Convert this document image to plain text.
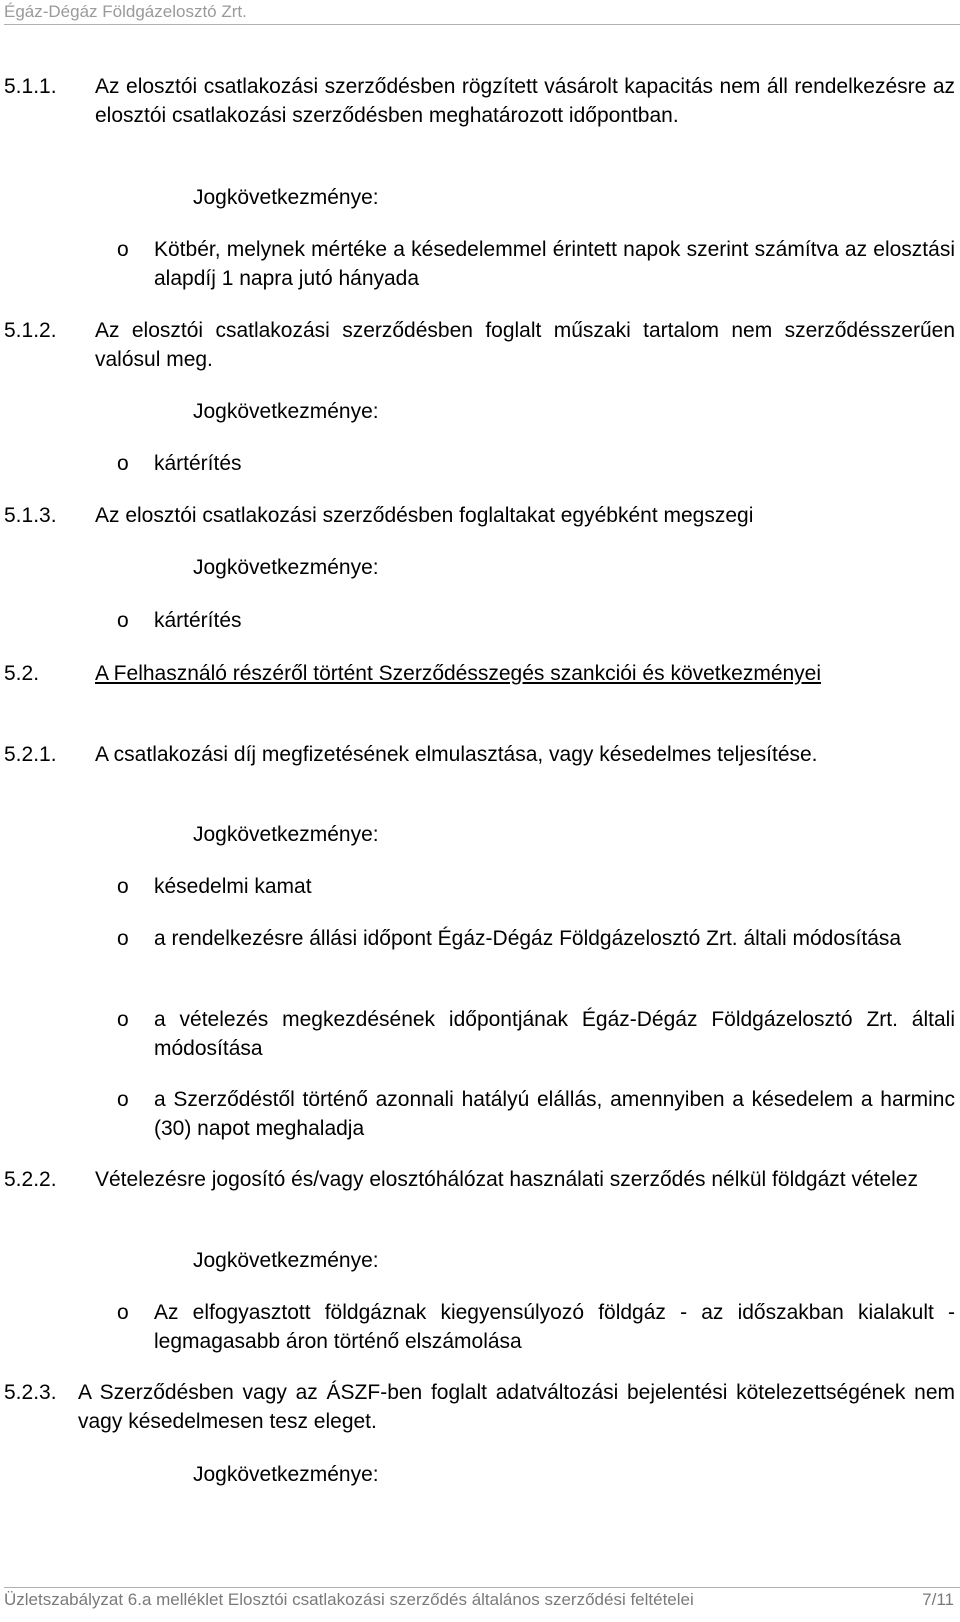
Égáz-Dégáz Földgázelosztó Zrt.
5.1.1. Az elosztói csatlakozási szerződésben rögzített vásárolt kapacitás nem áll rendelkezésre az elosztói csatlakozási szerződésben meghatározott időpontban.
Jogkövetkezménye:
o Kötbér, melynek mértéke a késedelemmel érintett napok szerint számítva az elosztási alapdíj 1 napra jutó hányada
5.1.2. Az elosztói csatlakozási szerződésben foglalt műszaki tartalom nem szerződésszerűen valósul meg.
Jogkövetkezménye:
o kártérítés
5.1.3. Az elosztói csatlakozási szerződésben foglaltakat egyébként megszegi
Jogkövetkezménye:
o kártérítés
5.2.	A Felhasználó részéről történt Szerződésszegés szankciói és következményei
5.2.1. A csatlakozási díj megfizetésének elmulasztása, vagy késedelmes teljesítése.
Jogkövetkezménye:
o késedelmi kamat
o a rendelkezésre állási időpont Égáz-Dégáz Földgázelosztó Zrt. általi módosítása
o a vételezés megkezdésének időpontjának Égáz-Dégáz Földgázelosztó Zrt. általi módosítása
o a Szerződéstől történő azonnali hatályú elállás, amennyiben a késedelem a harminc (30) napot meghaladja
5.2.2. Vételezésre jogosító és/vagy elosztóhálózat használati szerződés nélkül földgázt vételez
Jogkövetkezménye:
o Az elfogyasztott földgáznak kiegyensúlyozó földgáz - az időszakban kialakult - legmagasabb áron történő elszámolása
5.2.3. A Szerződésben vagy az ÁSZF-ben foglalt adatváltozási bejelentési kötelezettségének nem vagy késedelmesen tesz eleget.
Jogkövetkezménye:
Üzletszabályzat 6.a melléklet Elosztói csatlakozási szerződés általános szerződési feltételei	7/11
